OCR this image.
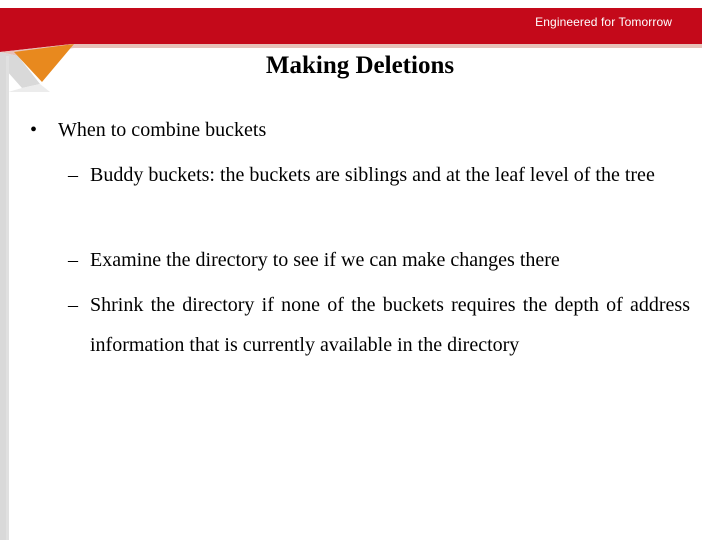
Engineered for Tomorrow
Making Deletions
• When to combine buckets
– Buddy buckets: the buckets are siblings and at the leaf level of the tree
– Examine the directory to see if we can make changes there
– Shrink the directory if none of the buckets requires the depth of address information that is currently available in the directory
